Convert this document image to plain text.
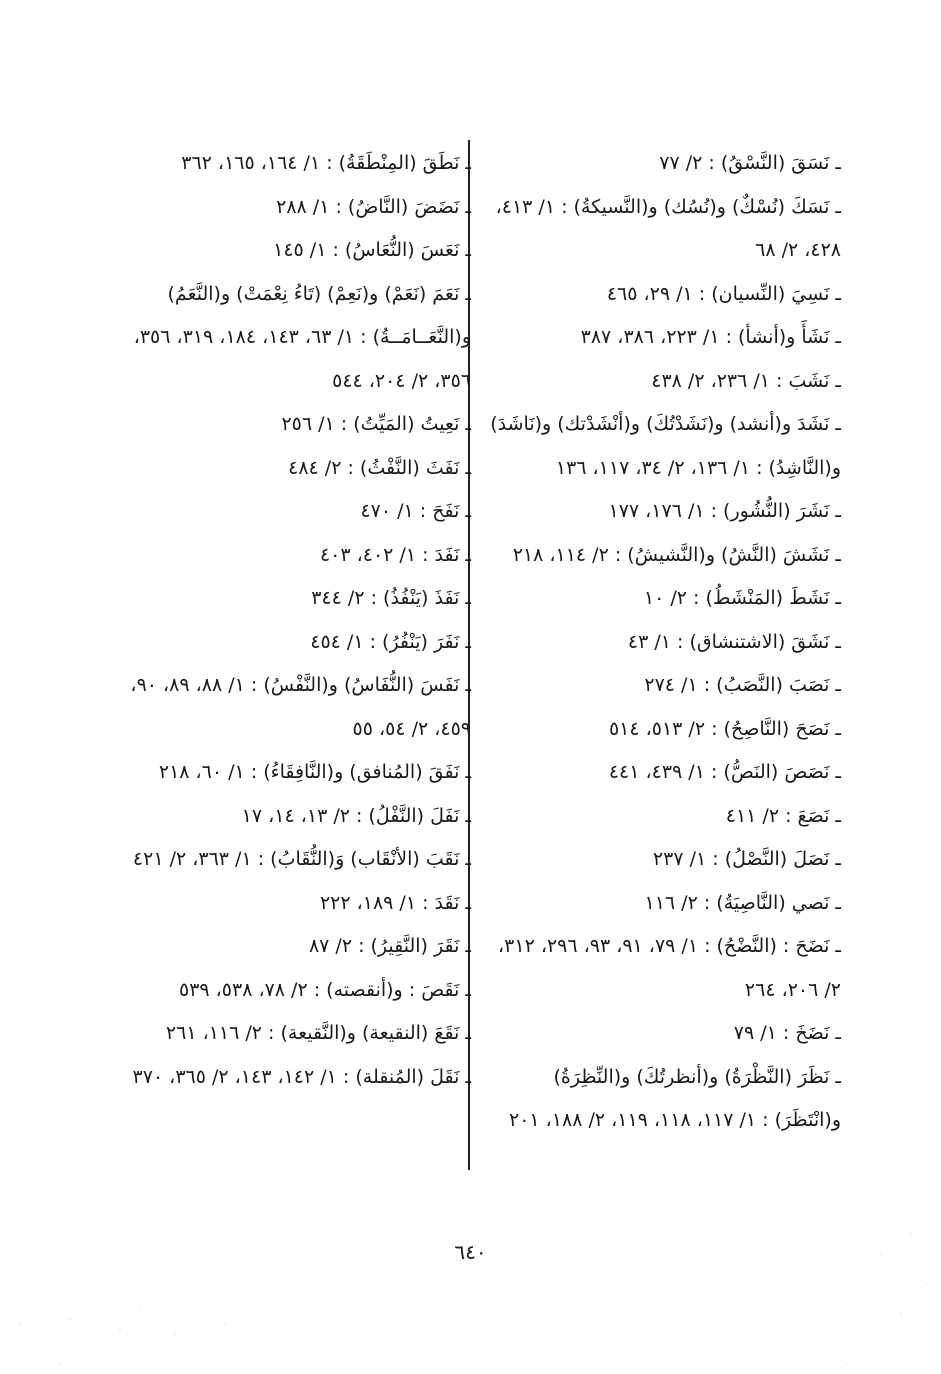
ـ نَسَقَ (النَّسْقُ) : ٢/ ٧٧
ـ نَسَكَ (نُسْكٌ) و(نُسُك) و(النَّسيكةُ) : ١/ ٤١٣، ٤٢٨، ٢/ ٦٨
ـ نَسِيَ (النِّسيان) : ١/ ٢٩، ٤٦٥
ـ نَشَأَ و(أنشأ) : ١/ ٢٢٣، ٣٨٦، ٣٨٧
ـ نَشَبَ : ١/ ٢٣٦، ٢/ ٤٣٨
ـ نَشَدَ و(أنشد) و(نَشَدْتُكَ) و(أنْشَدْتك) و(نَاشَدَ) و(النَّاشِدُ) : ١/ ١٣٦، ٢/ ٣٤، ١١٧، ١٣٦
ـ نَشَرَ (النُّشُور) : ١/ ١٧٦، ١٧٧
ـ نَشَشَ (النَّشُ) و(النَّشيشُ) : ٢/ ١١٤، ٢١٨
ـ نَشَطَ (المَنْشَطُ) : ٢/ ١٠
ـ نَشَقَ (الاشتنشاق) : ١/ ٤٣
ـ نَصَبَ (النَّصَبُ) : ١/ ٢٧٤
ـ نَصَحَ (النَّاصِحُ) : ٢/ ٥١٣، ٥١٤
ـ نَصَصَ (النَصُّ) : ١/ ٤٣٩، ٤٤١
ـ نَصَعَ : ٢/ ٤١١
ـ نَصَلَ (النَّصْلُ) : ١/ ٢٣٧
ـ نَصي (النَّاصِيَةُ) : ٢/ ١١٦
ـ نَضَحَ : (النَّضْحُ) : ١/ ٧٩، ٩١، ٩٣، ٢٩٦، ٣١٢، ٢/ ٢٠٦، ٢٦٤
ـ نَضَخَ : ١/ ٧٩
ـ نَظَرَ (النَّظْرَةُ) و(أنظرتُكَ) و(النِّظِرَةُ) و(انْتَظَرَ) : ١/ ١١٧، ١١٨، ١١٩، ٢/ ١٨٨، ٢٠١
ـ نَطَقَ (المِنْطَقَةُ) : ١/ ١٦٤، ١٦٥، ٣٦٢
ـ نَضَضَ (النَّاضُ) : ١/ ٢٨٨
ـ نَعَسَ (النُّعَاسُ) : ١/ ١٤٥
ـ نَعَمَ (نَعَمْ) و(نَعِمْ) (تَاءُ نِعْمَتْ) و(النَّعَمُ) و(النَّعَــامَــةُ) : ١/ ٦٣، ١٤٣، ١٨٤، ٣١٩، ٣٥٦، ٣٥٦، ٢/ ٢٠٤، ٥٤٤
ـ نَعِيتُ (المَيِّتُ) : ١/ ٢٥٦
ـ نَفَثَ (النَّفْثُ) : ٢/ ٤٨٤
ـ نَفَحَ : ١/ ٤٧٠
ـ نَفَدَ : ١/ ٤٠٢، ٤٠٣
ـ نَفَذَ (يَنْفُذُ) : ٢/ ٣٤٤
ـ نَفَرَ (يَنْفُرُ) : ١/ ٤٥٤
ـ نَفَسَ (النُّفَاسُ) و(النَّفْسُ) : ١/ ٨٨، ٨٩، ٩٠، ٤٥٩، ٢/ ٥٤، ٥٥
ـ نَفَقَ (المُنافق) و(النَّافِقَاءُ) : ١/ ٦٠، ٢١٨
ـ نَفَلَ (النَّفْلُ) : ٢/ ١٣، ١٤، ١٧
ـ نَقَبَ (الأنْقَاب) وَ(النُّقَابُ) : ١/ ٣٦٣، ٢/ ٤٢١
ـ نَقَدَ : ١/ ١٨٩، ٢٢٢
ـ نَقَرَ (النَّقِيرُ) : ٢/ ٨٧
ـ نَقَصَ : و(أنقصته) : ٢/ ٧٨، ٥٣٨، ٥٣٩
ـ نَقَعَ (النقيعة) و(النَّقيعة) : ٢/ ١١٦، ٢٦١
ـ نَقَلَ (المُنقلة) : ١/ ١٤٢، ١٤٣، ٢/ ٣٦٥، ٣٧٠
٦٤٠
